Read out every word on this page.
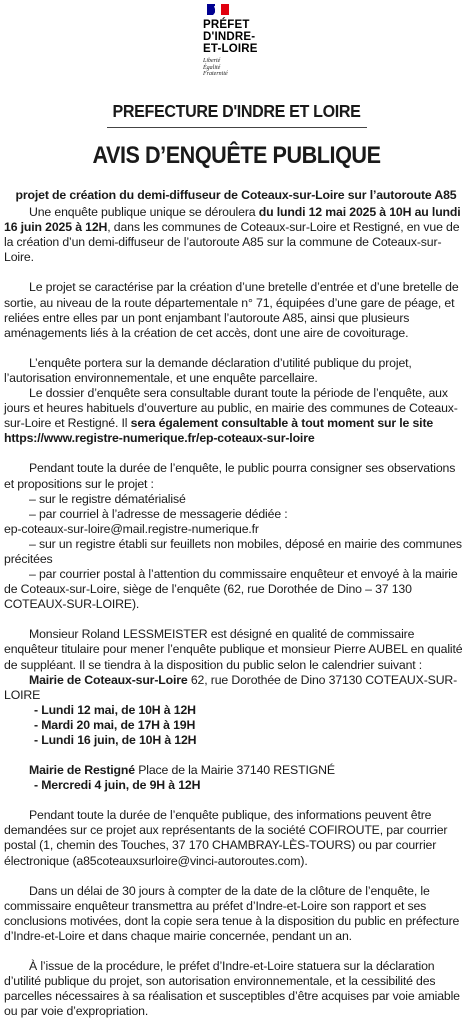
PRÉFET
D'INDRE-
ET-LOIRE
Liberté
Égalité
Fraternité
PREFECTURE D'INDRE ET LOIRE
AVIS D’ENQUÊTE PUBLIQUE

projet de création du demi-diffuseur de Coteaux-sur-Loire sur l’autoroute A85

Une enquête publique unique se déroulera du lundi 12 mai 2025 à 10H au lundi 16 juin 2025 à 12H, dans les communes de Coteaux-sur-Loire et Restigné, en vue de la création d’un demi-diffuseur de l’autoroute A85 sur la commune de Coteaux-sur-Loire.

Le projet se caractérise par la création d’une bretelle d’entrée et d’une bretelle de sortie, au niveau de la route départementale n° 71, équipées d’une gare de péage, et reliées entre elles par un pont enjambant l’autoroute A85, ainsi que plusieurs aménagements liés à la création de cet accès, dont une aire de covoiturage.

L’enquête portera sur la demande déclaration d’utilité publique du projet, l’autorisation environnementale, et une enquête parcellaire.

Le dossier d’enquête sera consultable durant toute la période de l’enquête, aux jours et heures habituels d’ouverture au public, en mairie des communes de Coteaux-sur-Loire et Restigné. Il sera également consultable à tout moment sur le site https://www.registre-numerique.fr/ep-coteaux-sur-loire

Pendant toute la durée de l’enquête, le public pourra consigner ses observations et propositions sur le projet :

– sur le registre dématérialisé

– par courriel à l’adresse de messagerie dédiée :

ep-coteaux-sur-loire@mail.registre-numerique.fr

– sur un registre établi sur feuillets non mobiles, déposé en mairie des communes précitées

– par courrier postal à l’attention du commissaire enquêteur et envoyé à la mairie de Coteaux-sur-Loire, siège de l’enquête (62, rue Dorothée de Dino – 37 130 COTEAUX-SUR-LOIRE).

Monsieur Roland LESSMEISTER est désigné en qualité de commissaire enquêteur titulaire pour mener l’enquête publique et monsieur Pierre AUBEL en qualité de suppléant. Il se tiendra à la disposition du public selon le calendrier suivant :

Mairie de Coteaux-sur-Loire 62, rue Dorothée de Dino 37130 COTEAUX-SUR-LOIRE

- Lundi 12 mai, de 10H à 12H

- Mardi 20 mai, de 17H à 19H

- Lundi 16 juin, de 10H à 12H

Mairie de Restigné Place de la Mairie 37140 RESTIGNÉ

- Mercredi 4 juin, de 9H à 12H

Pendant toute la durée de l’enquête publique, des informations peuvent être demandées sur ce projet aux représentants de la société COFIROUTE, par courrier postal (1, chemin des Touches, 37 170 CHAMBRAY-LÈS-TOURS) ou par courrier électronique (a85coteauxsurloire@vinci-autoroutes.com).

Dans un délai de 30 jours à compter de la date de la clôture de l’enquête, le commissaire enquêteur transmettra au préfet d’Indre-et-Loire son rapport et ses conclusions motivées, dont la copie sera tenue à la disposition du public en préfecture d’Indre-et-Loire et dans chaque mairie concernée, pendant un an.

À l’issue de la procédure, le préfet d’Indre-et-Loire statuera sur la déclaration d’utilité publique du projet, son autorisation environnementale, et la cessibilité des parcelles nécessaires à sa réalisation et susceptibles d’être acquises par voie amiable ou par voie d’expropriation.
